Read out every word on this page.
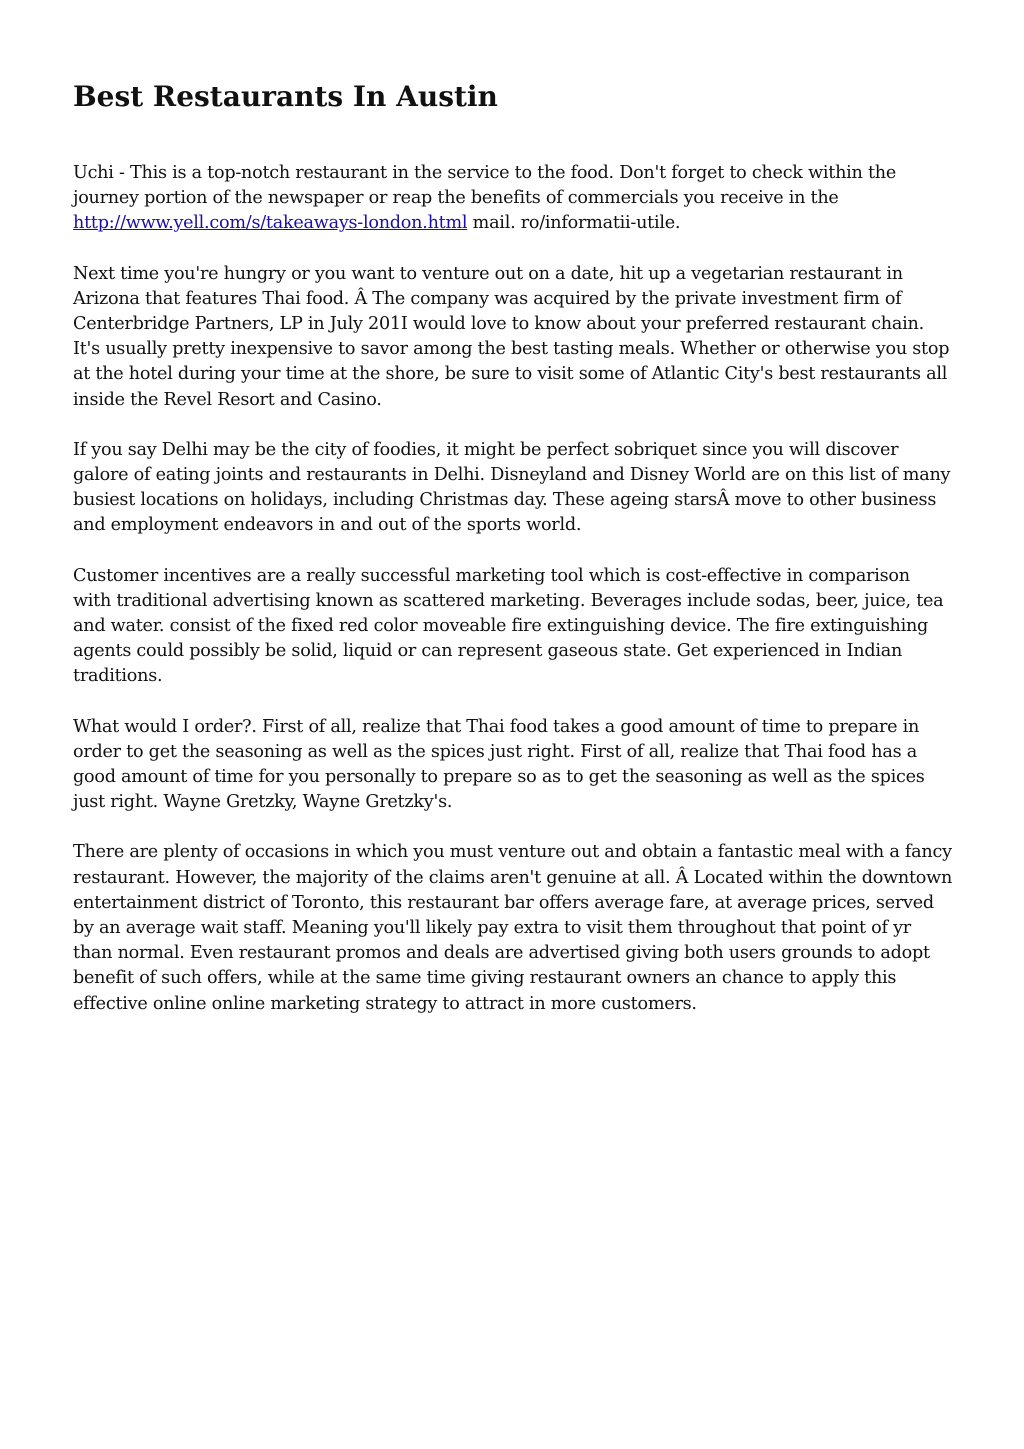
Best Restaurants In Austin

Uchi - This is a top-notch restaurant in the service to the food. Don't forget to check within the journey portion of the newspaper or reap the benefits of commercials you receive in the http://www.yell.com/s/takeaways-london.html mail. ro/informatii-utile.

Next time you're hungry or you want to venture out on a date, hit up a vegetarian restaurant in Arizona that features Thai food. Â The company was acquired by the private investment firm of Centerbridge Partners, LP in July 201I would love to know about your preferred restaurant chain. It's usually pretty inexpensive to savor among the best tasting meals. Whether or otherwise you stop at the hotel during your time at the shore, be sure to visit some of Atlantic City's best restaurants all inside the Revel Resort and Casino.

If you say Delhi may be the city of foodies, it might be perfect sobriquet since you will discover galore of eating joints and restaurants in Delhi. Disneyland and Disney World are on this list of many busiest locations on holidays, including Christmas day. These ageing starsÂ move to other business and employment endeavors in and out of the sports world.

Customer incentives are a really successful marketing tool which is cost-effective in comparison with traditional advertising known as scattered marketing. Beverages include sodas, beer, juice, tea and water. consist of the fixed red color moveable fire extinguishing device. The fire extinguishing agents could possibly be solid, liquid or can represent gaseous state. Get experienced in Indian traditions.

What would I order?. First of all, realize that Thai food takes a good amount of time to prepare in order to get the seasoning as well as the spices just right. First of all, realize that Thai food has a good amount of time for you personally to prepare so as to get the seasoning as well as the spices just right. Wayne Gretzky, Wayne Gretzky's.

There are plenty of occasions in which you must venture out and obtain a fantastic meal with a fancy restaurant. However, the majority of the claims aren't genuine at all. Â Located within the downtown entertainment district of Toronto, this restaurant bar offers average fare, at average prices, served by an average wait staff. Meaning you'll likely pay extra to visit them throughout that point of yr than normal. Even restaurant promos and deals are advertised giving both users grounds to adopt benefit of such offers, while at the same time giving restaurant owners an chance to apply this effective online online marketing strategy to attract in more customers.
